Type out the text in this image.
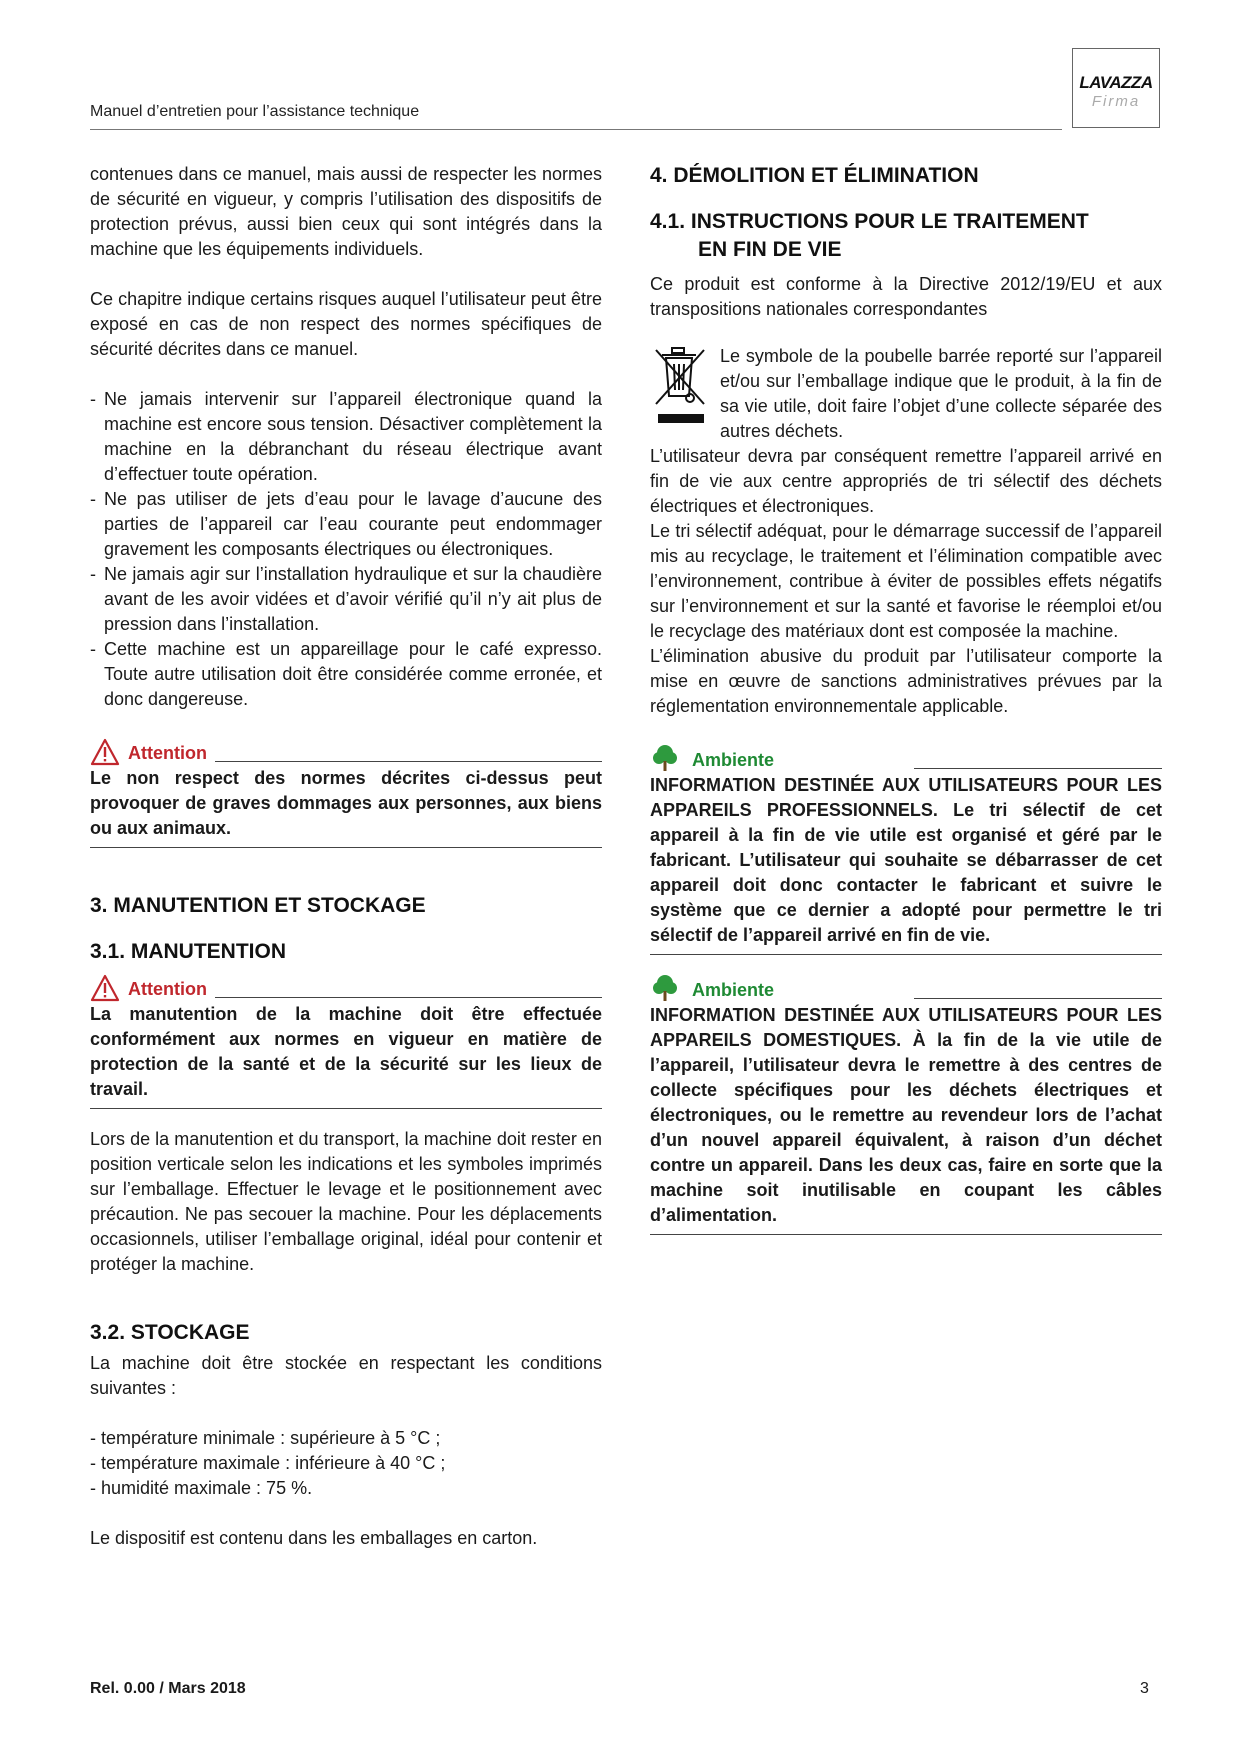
Manuel d’entretien pour l’assistance technique
LAVAZZA
Firma

contenues dans ce manuel, mais aussi de respecter les normes de sécurité en vigueur, y compris l’utilisation des dispositifs de protection prévus, aussi bien ceux qui sont intégrés dans la machine que les équipements individuels.

Ce chapitre indique certains risques auquel l’utilisateur peut être exposé en cas de non respect des normes spécifiques de sécurité décrites dans ce manuel.

- Ne jamais intervenir sur l’appareil électronique quand la machine est encore sous tension. Désactiver complètement la machine en la débranchant du réseau électrique avant d’effectuer toute opération.
- Ne pas utiliser de jets d’eau pour le lavage d’aucune des parties de l’appareil car l’eau courante peut endommager gravement les composants électriques ou électroniques.
- Ne jamais agir sur l’installation hydraulique et sur la chaudière avant de les avoir vidées et d’avoir vérifié qu’il n’y ait plus de pression dans l’installation.
- Cette machine est un appareillage pour le café expresso. Toute autre utilisation doit être considérée comme erronée, et donc dangereuse.
Attention

Le non respect des normes décrites ci-dessus peut provoquer de graves dommages aux personnes, aux biens ou aux animaux.

3. MANUTENTION ET STOCKAGE
3.1. MANUTENTION
Attention

La manutention de la machine doit être effectuée conformément aux normes en vigueur en matière de protection de la santé et de la sécurité sur les lieux de travail.

Lors de la manutention et du transport, la machine doit rester en position verticale selon les indications et les symboles imprimés sur l’emballage. Effectuer le levage et le positionnement avec précaution. Ne pas secouer la machine. Pour les déplacements occasionnels, utiliser l’emballage original, idéal pour contenir et protéger la machine.

3.2. STOCKAGE

La machine doit être stockée en respectant les conditions suivantes :

- température minimale : supérieure à 5 °C ;
- température maximale : inférieure à 40 °C ;
- humidité maximale : 75 %.

Le dispositif est contenu dans les emballages en carton.

4. DÉMOLITION ET ÉLIMINATION
4.1. INSTRUCTIONS POUR LE TRAITEMENT
EN FIN DE VIE

Ce produit est conforme à la Directive 2012/19/EU et aux transpositions nationales correspondantes

Le symbole de la poubelle barrée reporté sur l’appareil et/ou sur l’emballage indique que le produit, à la fin de sa vie utile, doit faire l’objet d’une collecte séparée des autres déchets.

L’utilisateur devra par conséquent remettre l’appareil arrivé en fin de vie aux centre appropriés de tri sélectif des déchets électriques et électroniques.

Le tri sélectif adéquat, pour le démarrage successif de l’appareil mis au recyclage, le traitement et l’élimination compatible avec l’environnement, contribue à éviter de possibles effets négatifs sur l’environnement et sur la santé et favorise le réemploi et/ou le recyclage des matériaux dont est composée la machine.

L’élimination abusive du produit par l’utilisateur comporte la mise en œuvre de sanctions administratives prévues par la réglementation environnementale applicable.

Ambiente

INFORMATION DESTINÉE AUX UTILISATEURS POUR LES APPAREILS PROFESSIONNELS. Le tri sélectif de cet appareil à la fin de vie utile est organisé et géré par le fabricant. L’utilisateur qui souhaite se débarrasser de cet appareil doit donc contacter le fabricant et suivre le système que ce dernier a adopté pour permettre le tri sélectif de l’appareil arrivé en fin de vie.

Ambiente

INFORMATION DESTINÉE AUX UTILISATEURS POUR LES APPAREILS DOMESTIQUES. À la fin de la vie utile de l’appareil, l’utilisateur devra le remettre à des centres de collecte spécifiques pour les déchets électriques et électroniques, ou le remettre au revendeur lors de l’achat d’un nouvel appareil équivalent, à raison d’un déchet contre un appareil. Dans les deux cas, faire en sorte que la machine soit inutilisable en coupant les câbles d’alimentation.

Rel. 0.00 / Mars 2018	3
